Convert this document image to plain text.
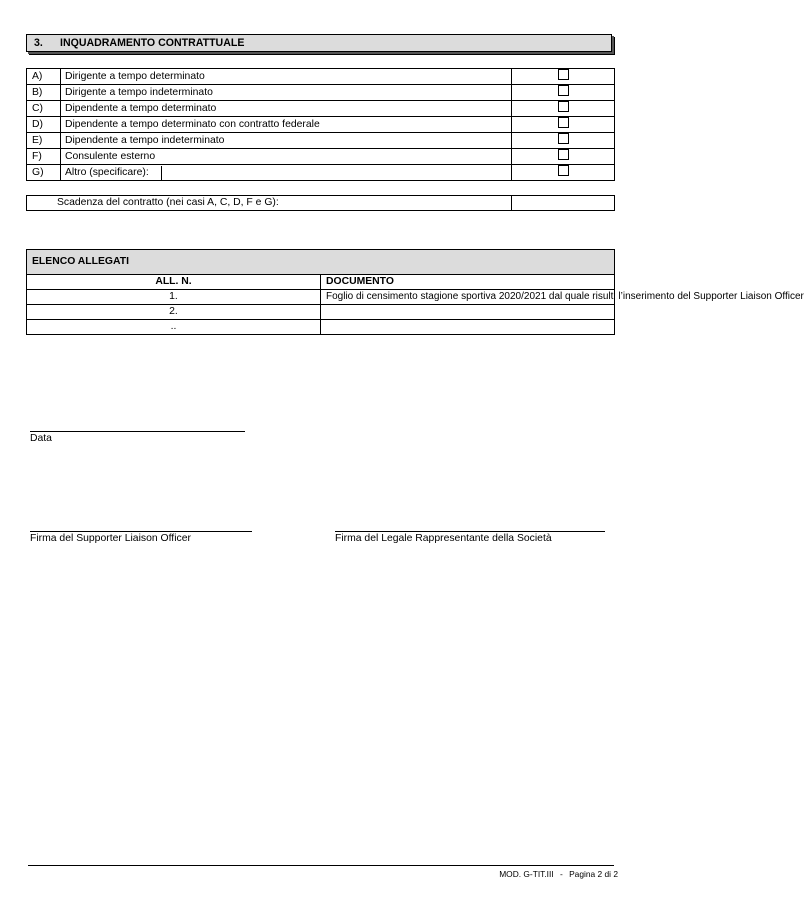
3. INQUADRAMENTO CONTRATTUALE
A)	Dirigente a tempo determinato	
B)	Dirigente a tempo indeterminato	
C)	Dipendente a tempo determinato	
D)	Dipendente a tempo determinato con contratto federale	
E)	Dipendente a tempo indeterminato	
F)	Consulente esterno	
G)	Altro (specificare):	
Scadenza del contratto (nei casi A, C, D, F e G):	
ELENCO ALLEGATI	
ALL. N.	DOCUMENTO
1.	Foglio di censimento stagione sportiva 2020/2021 dal quale risulti l’inserimento del Supporter Liaison Officer
2.	
..	
Data
Firma del Supporter Liaison Officer	Firma del Legale Rappresentante della Società
MOD. G-TIT.III - Pagina 2 di 2
